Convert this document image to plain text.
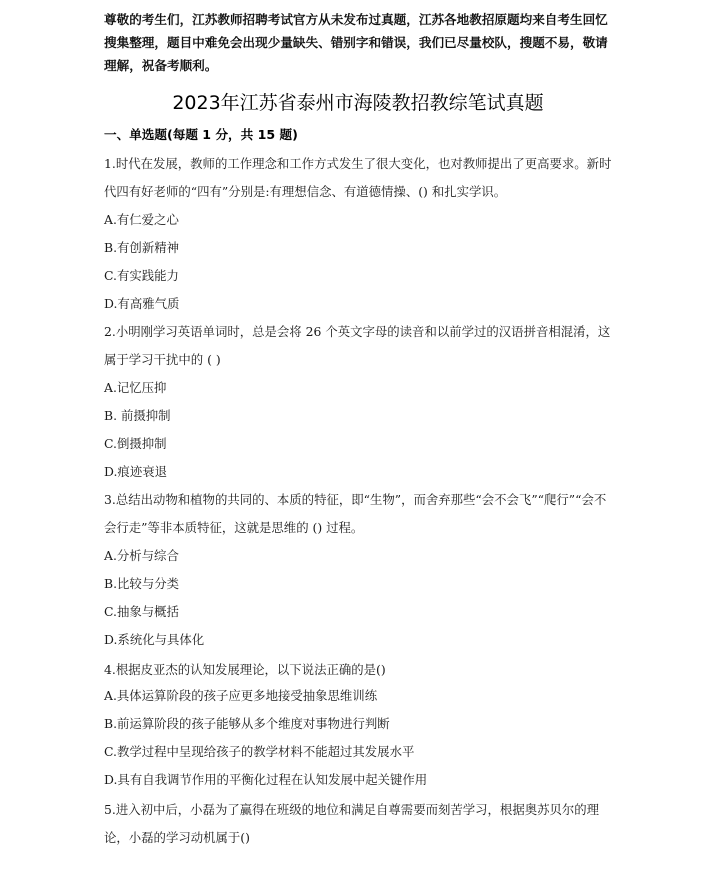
尊敬的考生们，江苏教师招聘考试官方从未发布过真题，江苏各地教招原题均来自考生回忆搜集整理，题目中难免会出现少量缺失、错别字和错误，我们已尽量校队，搜题不易，敬请理解，祝备考顺利。
2023年江苏省泰州市海陵教招教综笔试真题
一、单选题(每题 1 分，共 15 题)
1.时代在发展，教师的工作理念和工作方式发生了很大变化，也对教师提出了更高要求。新时代四有好老师的“四有”分别是:有理想信念、有道德情操、() 和扎实学识。
A.有仁爱之心
B.有创新精神
C.有实践能力
D.有高雅气质
2.小明刚学习英语单词时，总是会将 26 个英文字母的读音和以前学过的汉语拼音相混淆，这属于学习干扰中的 ( )
A.记忆压抑
B. 前摄抑制
C.倒摄抑制
D.痕迹衰退
3.总结出动物和植物的共同的、本质的特征，即“生物”，而舍弃那些“会不会飞”“爬行”“会不会行走”等非本质特征，这就是思维的 () 过程。
A.分析与综合
B.比较与分类
C.抽象与概括
D.系统化与具体化
4.根据皮亚杰的认知发展理论，以下说法正确的是()
A.具体运算阶段的孩子应更多地接受抽象思维训练
B.前运算阶段的孩子能够从多个维度对事物进行判断
C.教学过程中呈现给孩子的教学材料不能超过其发展水平
D.具有自我调节作用的平衡化过程在认知发展中起关键作用
5.进入初中后，小磊为了赢得在班级的地位和满足自尊需要而刻苦学习，根据奥苏贝尔的理论，小磊的学习动机属于()
